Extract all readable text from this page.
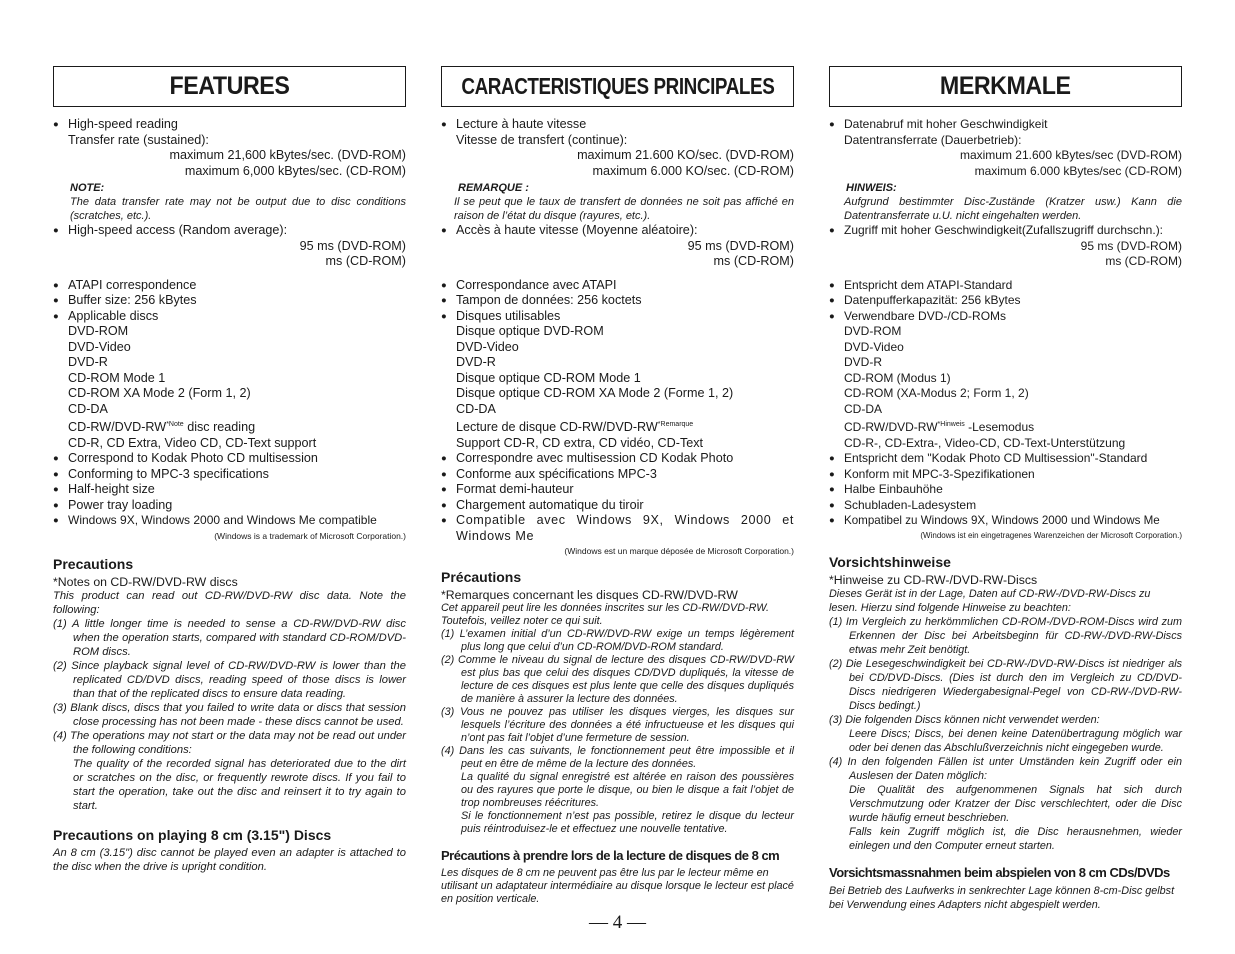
FEATURES
● High-speed reading
Transfer rate (sustained):
maximum 21,600 kBytes/sec. (DVD-ROM)
maximum 6,000 kBytes/sec. (CD-ROM)
NOTE:
The data transfer rate may not be output due to disc conditions (scratches, etc.).
● High-speed access (Random average):
95 ms (DVD-ROM)
ms (CD-ROM)
● ATAPI correspondence
● Buffer size: 256 kBytes
● Applicable discs
DVD-ROM
DVD-Video
DVD-R
CD-ROM Mode 1
CD-ROM XA Mode 2 (Form 1, 2)
CD-DA
$CD-RW/DVD-RW^{*Note}$ disc reading
CD-R, CD Extra, Video CD, CD-Text support
● Correspond to Kodak Photo CD multisession
● Conforming to MPC-3 specifications
● Half-height size
● Power tray loading
● Windows 9X, Windows 2000 and Windows Me compatible
(Windows is a trademark of Microsoft Corporation.)
Precautions
*Notes on CD-RW/DVD-RW discs
This product can read out CD-RW/DVD-RW disc data. Note the following:
(1) A little longer time is needed to sense a CD-RW/DVD-RW disc when the operation starts, compared with standard CD-ROM/DVD-ROM discs.
(2) Since playback signal level of CD-RW/DVD-RW is lower than the replicated CD/DVD discs, reading speed of those discs is lower than that of the replicated discs to ensure data reading.
(3) Blank discs, discs that you failed to write data or discs that session close processing has not been made - these discs cannot be used.
(4) The operations may not start or the data may not be read out under the following conditions:
The quality of the recorded signal has deteriorated due to the dirt or scratches on the disc, or frequently rewrote discs. If you fail to start the operation, take out the disc and reinsert it to try again to start.
Precautions on playing 8 cm (3.15") Discs
An 8 cm (3.15") disc cannot be played even an adapter is attached to the disc when the drive is upright condition.
CARACTERISTIQUES PRINCIPALES
● Lecture à haute vitesse
Vitesse de transfert (continue):
maximum 21.600 KO/sec. (DVD-ROM)
maximum 6.000 KO/sec. (CD-ROM)
REMARQUE :
Il se peut que le taux de transfert de données ne soit pas affiché en raison de l’état du disque (rayures, etc.).
● Accès à haute vitesse (Moyenne aléatoire):
95 ms (DVD-ROM)
ms (CD-ROM)
● Correspondance avec ATAPI
● Tampon de données: 256 koctets
● Disques utilisables
Disque optique DVD-ROM
DVD-Video
DVD-R
Disque optique CD-ROM Mode 1
Disque optique CD-ROM XA Mode 2 (Forme 1, 2)
CD-DA
Lecture de disque $CD-RW/DVD-RW^{*Remarque}$
Support CD-R, CD extra, CD vidéo, CD-Text
● Correspondre avec multisession CD Kodak Photo
● Conforme aux spécifications MPC-3
● Format demi-hauteur
● Chargement automatique du tiroir
● Compatible avec Windows 9X, Windows 2000 et Windows Me
(Windows est un marque déposée de Microsoft Corporation.)
Précautions
*Remarques concernant les disques CD-RW/DVD-RW
Cet appareil peut lire les données inscrites sur les CD-RW/DVD-RW. Toutefois, veillez noter ce qui suit.
(1) L’examen initial d’un CD-RW/DVD-RW exige un temps légèrement plus long que celui d’un CD-ROM/DVD-ROM standard.
(2) Comme le niveau du signal de lecture des disques CD-RW/DVD-RW est plus bas que celui des disques CD/DVD dupliqués, la vitesse de lecture de ces disques est plus lente que celle des disques dupliqués de manière à assurer la lecture des données.
(3) Vous ne pouvez pas utiliser les disques vierges, les disques sur lesquels l’écriture des données a été infructueuse et les disques qui n’ont pas fait l’objet d’une fermeture de session.
(4) Dans les cas suivants, le fonctionnement peut être impossible et il peut en être de même de la lecture des données.
La qualité du signal enregistré est altérée en raison des poussières ou des rayures que porte le disque, ou bien le disque a fait l’objet de trop nombreuses réécritures.
Si le fonctionnement n’est pas possible, retirez le disque du lecteur puis réintroduisez-le et effectuez une nouvelle tentative.
Précautions à prendre lors de la lecture de disques de 8 cm
Les disques de 8 cm ne peuvent pas être lus par le lecteur même en utilisant un adaptateur intermédiaire au disque lorsque le lecteur est placé en position verticale.
MERKMALE
● Datenabruf mit hoher Geschwindigkeit
Datentransferrate (Dauerbetrieb):
maximum 21.600 kBytes/sec (DVD-ROM)
maximum 6.000 kBytes/sec (CD-ROM)
HINWEIS:
Aufgrund bestimmter Disc-Zustände (Kratzer usw.) Kann die Datentransferrate u.U. nicht eingehalten werden.
● Zugriff mit hoher Geschwindigkeit(Zufallszugriff durchschn.):
95 ms (DVD-ROM)
ms (CD-ROM)
● Entspricht dem ATAPI-Standard
● Datenpufferkapazität: 256 kBytes
● Verwendbare DVD-/CD-ROMs
DVD-ROM
DVD-Video
DVD-R
CD-ROM (Modus 1)
CD-ROM (XA-Modus 2; Form 1, 2)
CD-DA
$CD-RW/DVD-RW^{*Hinweis}$ -Lesemodus
CD-R-, CD-Extra-, Video-CD, CD-Text-Unterstützung
● Entspricht dem "Kodak Photo CD Multisession"-Standard
● Konform mit MPC-3-Spezifikationen
● Halbe Einbauhöhe
● Schubladen-Ladesystem
● Kompatibel zu Windows 9X, Windows 2000 und Windows Me
(Windows ist ein eingetragenes Warenzeichen der Microsoft Corporation.)
Vorsichtshinweise
*Hinweise zu CD-RW-/DVD-RW-Discs
Dieses Gerät ist in der Lage, Daten auf CD-RW-/DVD-RW-Discs zu lesen. Hierzu sind folgende Hinweise zu beachten:
(1) Im Vergleich zu herkömmlichen CD-ROM-/DVD-ROM-Discs wird zum Erkennen der Disc bei Arbeitsbeginn für CD-RW-/DVD-RW-Discs etwas mehr Zeit benötigt.
(2) Die Lesegeschwindigkeit bei CD-RW-/DVD-RW-Discs ist niedriger als bei CD/DVD-Discs. (Dies ist durch den im Vergleich zu CD/DVD-Discs niedrigeren Wiedergabesignal-Pegel von CD-RW-/DVD-RW-Discs bedingt.)
(3) Die folgenden Discs können nicht verwendet werden:
Leere Discs; Discs, bei denen keine Datenübertragung möglich war oder bei denen das Abschlußverzeichnis nicht eingegeben wurde.
(4) In den folgenden Fällen ist unter Umständen kein Zugriff oder ein Auslesen der Daten möglich:
Die Qualität des aufgenommenen Signals hat sich durch Verschmutzung oder Kratzer der Disc verschlechtert, oder die Disc wurde häufig erneut beschrieben.
Falls kein Zugriff möglich ist, die Disc herausnehmen, wieder einlegen und den Computer erneut starten.
Vorsichtsmassnahmen beim abspielen von 8 cm CDs/DVDs
Bei Betrieb des Laufwerks in senkrechter Lage können 8-cm-Disc gelbst bei Verwendung eines Adapters nicht abgespielt werden.
— 4 —
